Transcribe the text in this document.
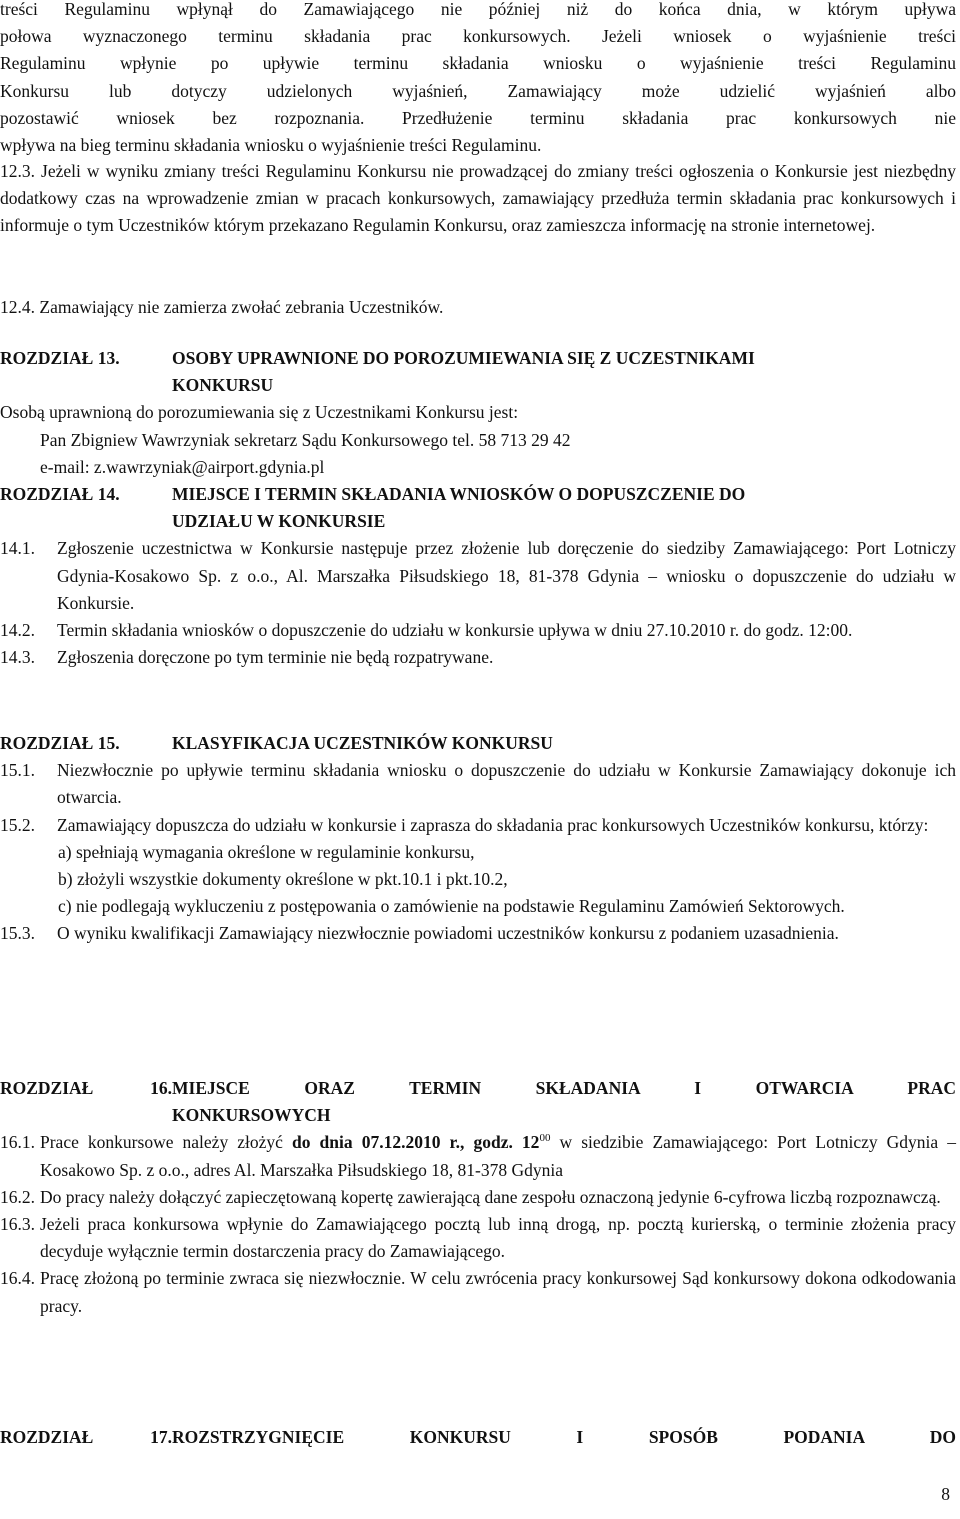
treści Regulaminu wpłynął do Zamawiającego nie później niż do końca dnia, w którym upływa

połowa wyznaczonego terminu składania prac konkursowych. Jeżeli wniosek o wyjaśnienie treści

Regulaminu wpłynie po upływie terminu składania wniosku o wyjaśnienie treści Regulaminu

Konkursu lub dotyczy udzielonych wyjaśnień, Zamawiający może udzielić wyjaśnień albo

pozostawić wniosek bez rozpoznania. Przedłużenie terminu składania prac konkursowych nie

wpływa na bieg terminu składania wniosku o wyjaśnienie treści Regulaminu.

12.3. Jeżeli w wyniku zmiany treści Regulaminu Konkursu nie prowadzącej do zmiany treści ogłoszenia o Konkursie jest niezbędny dodatkowy czas na wprowadzenie zmian w pracach konkursowych, zamawiający przedłuża termin składania prac konkursowych i informuje o tym Uczestników którym przekazano Regulamin Konkursu, oraz zamieszcza informację na stronie internetowej.

12.4. Zamawiający nie zamierza zwołać zebrania Uczestników.

ROZDZIAŁ 13.	OSOBY UPRAWNIONE DO POROZUMIEWANIA SIĘ Z UCZESTNIKAMI

KONKURSU

Osobą uprawnioną do porozumiewania się z Uczestnikami Konkursu jest:

Pan Zbigniew Wawrzyniak sekretarz Sądu Konkursowego tel. 58 713 29 42

e-mail: z.wawrzyniak@airport.gdynia.pl

ROZDZIAŁ 14.	MIEJSCE I TERMIN SKŁADANIA WNIOSKÓW O DOPUSZCZENIE DO

UDZIAŁU W KONKURSIE

14.1. Zgłoszenie uczestnictwa w Konkursie następuje przez złożenie lub doręczenie do siedziby Zamawiającego: Port Lotniczy Gdynia-Kosakowo Sp. z o.o., Al. Marszałka Piłsudskiego 18, 81-378 Gdynia – wniosku o dopuszczenie do udziału w Konkursie.

14.2. Termin składania wniosków o dopuszczenie do udziału w konkursie upływa w dniu 27.10.2010 r. do godz. 12:00.

14.3. Zgłoszenia doręczone po tym terminie nie będą rozpatrywane.

ROZDZIAŁ 15.	KLASYFIKACJA UCZESTNIKÓW KONKURSU

15.1. Niezwłocznie po upływie terminu składania wniosku o dopuszczenie do udziału w Konkursie Zamawiający dokonuje ich otwarcia.

15.2. Zamawiający dopuszcza do udziału w konkursie i zaprasza do składania prac konkursowych Uczestników konkursu, którzy:

a) spełniają wymagania określone w regulaminie konkursu,

b) złożyli wszystkie dokumenty określone w pkt.10.1 i pkt.10.2,

c) nie podlegają wykluczeniu z postępowania o zamówienie na podstawie Regulaminu Zamówień Sektorowych.

15.3. O wyniku kwalifikacji Zamawiający niezwłocznie powiadomi uczestników konkursu z podaniem uzasadnienia.

ROZDZIAŁ 16.MIEJSCE ORAZ TERMIN SKŁADANIA I OTWARCIA PRAC

KONKURSOWYCH

16.1. Prace konkursowe należy złożyć do dnia 07.12.2010 r., godz. $12^{00}$ w siedzibie Zamawiającego: Port Lotniczy Gdynia – Kosakowo Sp. z o.o., adres Al. Marszałka Piłsudskiego 18, 81-378 Gdynia

16.2. Do pracy należy dołączyć zapieczętowaną kopertę zawierającą dane zespołu oznaczoną jedynie 6-cyfrowa liczbą rozpoznawczą.

16.3. Jeżeli praca konkursowa wpłynie do Zamawiającego pocztą lub inną drogą, np. pocztą kurierską, o terminie złożenia pracy decyduje wyłącznie termin dostarczenia pracy do Zamawiającego.

16.4. Pracę złożoną po terminie zwraca się niezwłocznie. W celu zwrócenia pracy konkursowej Sąd konkursowy dokona odkodowania pracy.

ROZDZIAŁ 17.ROZSTRZYGNIĘCIE KONKURSU I SPOSÓB PODANIA DO

8
